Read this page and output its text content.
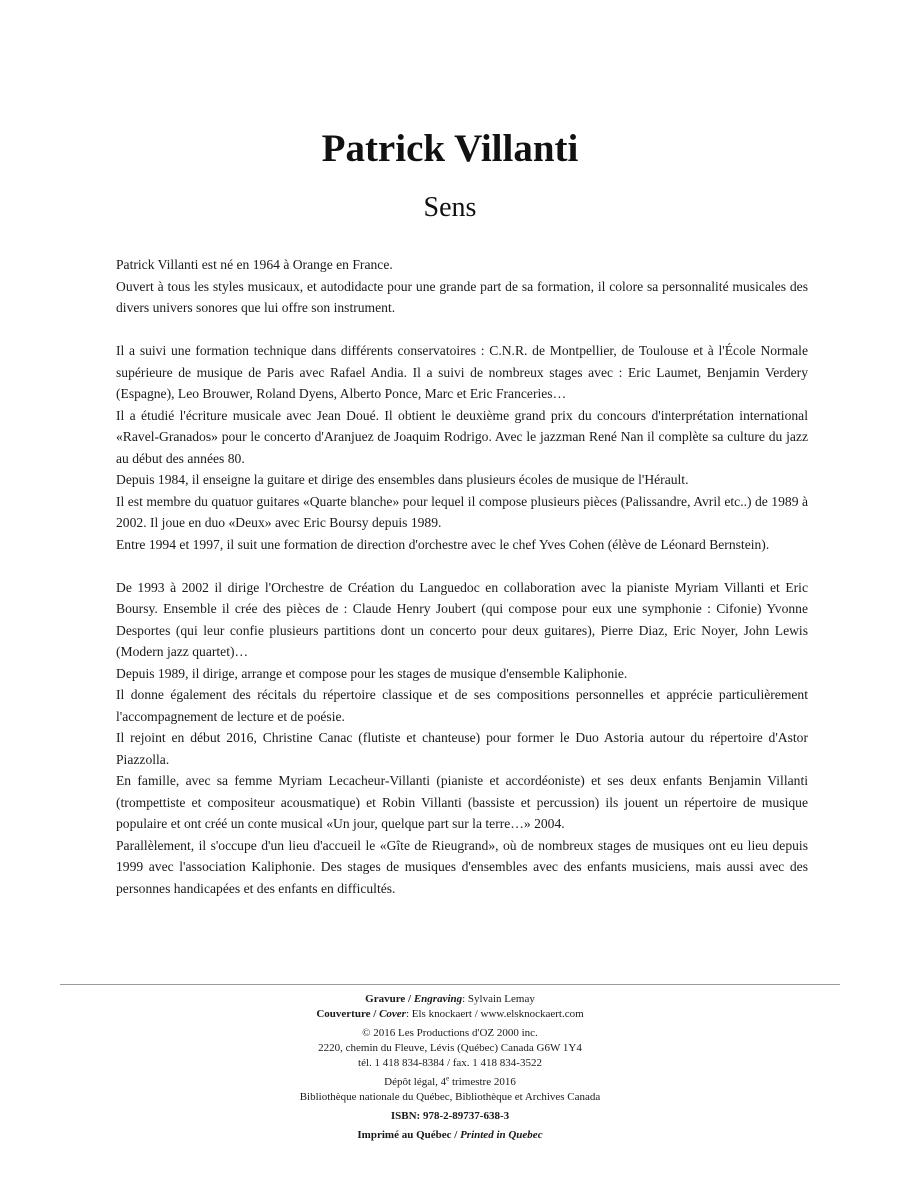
Patrick Villanti
Sens

Patrick Villanti est né en 1964 à Orange en France.

Ouvert à tous les styles musicaux, et autodidacte pour une grande part de sa formation, il colore sa personnalité musicales des divers univers sonores que lui offre son instrument.

Il a suivi une formation technique dans différents conservatoires : C.N.R. de Montpellier, de Toulouse et à l'École Normale supérieure de musique de Paris avec Rafael Andia. Il a suivi de nombreux stages avec : Eric Laumet, Benjamin Verdery (Espagne), Leo Brouwer, Roland Dyens, Alberto Ponce, Marc et Eric Franceries…

Il a étudié l'écriture musicale avec Jean Doué. Il obtient le deuxième grand prix du concours d'interprétation international «Ravel-Granados» pour le concerto d'Aranjuez de Joaquim Rodrigo. Avec le jazzman René Nan il complète sa culture du jazz au début des années 80.

Depuis 1984, il enseigne la guitare et dirige des ensembles dans plusieurs écoles de musique de l'Hérault.

Il est membre du quatuor guitares «Quarte blanche» pour lequel il compose plusieurs pièces (Palissandre, Avril etc..) de 1989 à 2002. Il joue en duo «Deux» avec Eric Boursy depuis 1989.

Entre 1994 et 1997, il suit une formation de direction d'orchestre avec le chef Yves Cohen (élève de Léonard Bernstein).

De 1993 à 2002 il dirige l'Orchestre de Création du Languedoc en collaboration avec la pianiste Myriam Villanti et Eric Boursy. Ensemble il crée des pièces de : Claude Henry Joubert (qui compose pour eux une symphonie : Cifonie) Yvonne Desportes (qui leur confie plusieurs partitions dont un concerto pour deux guitares), Pierre Diaz, Eric Noyer, John Lewis (Modern jazz quartet)…

Depuis 1989, il dirige, arrange et compose pour les stages de musique d'ensemble Kaliphonie.

Il donne également des récitals du répertoire classique et de ses compositions personnelles et apprécie particulièrement l'accompagnement de lecture et de poésie.

Il rejoint en début 2016, Christine Canac (flutiste et chanteuse) pour former le Duo Astoria autour du répertoire d'Astor Piazzolla.

En famille, avec sa femme Myriam Lecacheur-Villanti (pianiste et accordéoniste) et ses deux enfants Benjamin Villanti (trompettiste et compositeur acousmatique) et Robin Villanti (bassiste et percussion) ils jouent un répertoire de musique populaire et ont créé un conte musical «Un jour, quelque part sur la terre…» 2004.

Parallèlement, il s'occupe d'un lieu d'accueil le «Gîte de Rieugrand», où de nombreux stages de musiques ont eu lieu depuis 1999 avec l'association Kaliphonie. Des stages de musiques d'ensembles avec des enfants musiciens, mais aussi avec des personnes handicapées et des enfants en difficultés.

Gravure / Engraving: Sylvain Lemay
Couverture / Cover: Els knockaert / www.elsknockaert.com
© 2016 Les Productions d'OZ 2000 inc.
2220, chemin du Fleuve, Lévis (Québec) Canada G6W 1Y4
tél. 1 418 834-8384 / fax. 1 418 834-3522
Dépôt légal, 4e trimestre 2016
Bibliothèque nationale du Québec, Bibliothèque et Archives Canada
ISBN: 978-2-89737-638-3
Imprimé au Québec / Printed in Quebec
